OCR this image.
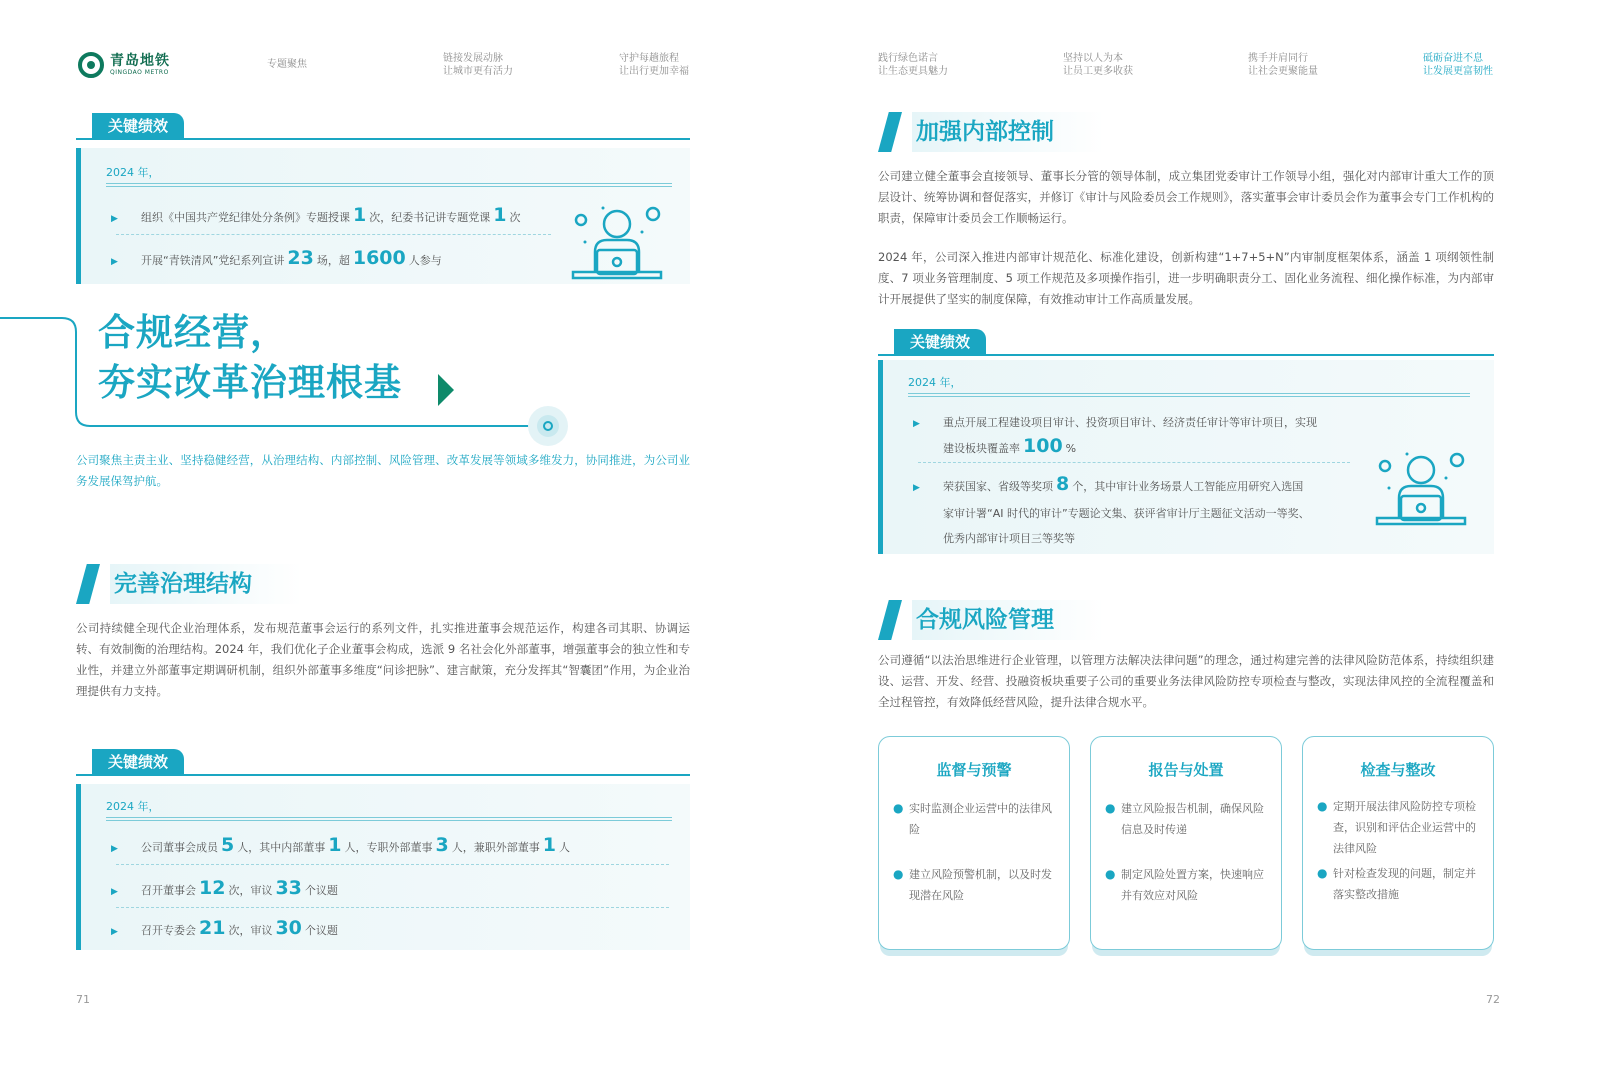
青岛地铁
QINGDAO METRO
专题聚焦
链接发展动脉
让城市更有活力
守护每趟旅程
让出行更加幸福
践行绿色诺言
让生态更具魅力
坚持以人为本
让员工更多收获
携手并肩同行
让社会更聚能量
砥砺奋进不息
让发展更富韧性
关键绩效
2024 年，
▶	组织《中国共产党纪律处分条例》专题授课 1 次，纪委书记讲专题党课 1 次
▶	开展“青铁清风”党纪系列宣讲 23 场，超 1600 人参与
合规经营，
夯实改革治理根基
公司聚焦主责主业、坚持稳健经营，从治理结构、内部控制、风险管理、改革发展等领域多维发力，协同推进，为公司业务发展保驾护航。
完善治理结构
公司持续健全现代企业治理体系，发布规范董事会运行的系列文件，扎实推进董事会规范运作，构建各司其职、协调运转、有效制衡的治理结构。2024 年，我们优化子企业董事会构成，选派 9 名社会化外部董事，增强董事会的独立性和专业性，并建立外部董事定期调研机制，组织外部董事多维度“问诊把脉”、建言献策，充分发挥其“智囊团”作用，为企业治理提供有力支持。
关键绩效
2024 年，
▶	公司董事会成员 5 人，其中内部董事 1 人，专职外部董事 3 人，兼职外部董事 1 人
▶	召开董事会 12 次，审议 33 个议题
▶	召开专委会 21 次，审议 30 个议题
71
加强内部控制
公司建立健全董事会直接领导、董事长分管的领导体制，成立集团党委审计工作领导小组，强化对内部审计重大工作的顶层设计、统筹协调和督促落实，并修订《审计与风险委员会工作规则》，落实董事会审计委员会作为董事会专门工作机构的职责，保障审计委员会工作顺畅运行。
2024 年，公司深入推进内部审计规范化、标准化建设，创新构建“1+7+5+N”内审制度框架体系，涵盖 1 项纲领性制度、7 项业务管理制度、5 项工作规范及多项操作指引，进一步明确职责分工、固化业务流程、细化操作标准，为内部审计开展提供了坚实的制度保障，有效推动审计工作高质量发展。
关键绩效
2024 年，
▶	重点开展工程建设项目审计、投资项目审计、经济责任审计等审计项目，实现
建设板块覆盖率 100 %
▶	荣获国家、省级等奖项 8 个，其中审计业务场景人工智能应用研究入选国
家审计署“AI 时代的审计”专题论文集、获评省审计厅主题征文活动一等奖、
优秀内部审计项目三等奖等
合规风险管理
公司遵循“以法治思维进行企业管理，以管理方法解决法律问题”的理念，通过构建完善的法律风险防范体系，持续组织建设、运营、开发、经营、投融资板块重要子公司的重要业务法律风险防控专项检查与整改，实现法律风控的全流程覆盖和全过程管控，有效降低经营风险，提升法律合规水平。
监督与预警
● 实时监测企业运营中的法律风险
● 建立风险预警机制，以及时发现潜在风险
报告与处置
● 建立风险报告机制，确保风险信息及时传递
● 制定风险处置方案，快速响应并有效应对风险
检查与整改
● 定期开展法律风险防控专项检查，识别和评估企业运营中的法律风险
● 针对检查发现的问题，制定并落实整改措施
72
